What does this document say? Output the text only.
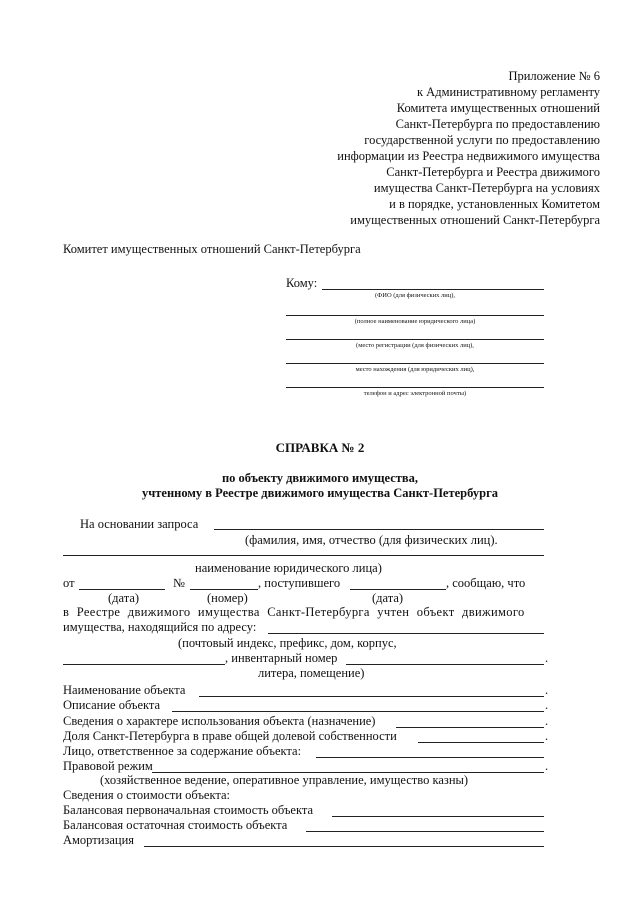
Приложение № 6
к Административному регламенту
Комитета имущественных отношений
Санкт-Петербурга по предоставлению
государственной услуги по предоставлению
информации из Реестра недвижимого имущества
Санкт-Петербурга и Реестра движимого
имущества Санкт-Петербурга на условиях
и в порядке, установленных Комитетом
имущественных отношений Санкт-Петербурга
Комитет имущественных отношений Санкт-Петербурга
Кому:
(ФИО (для физических лиц),
(полное наименование юридического лица)
(место регистрации (для физических лиц),
место нахождения (для юридических лиц),
телефон и адрес электронной почты)
СПРАВКА № 2
по объекту движимого имущества,
учтенному в Реестре движимого имущества Санкт-Петербурга
На основании запроса
(фамилия, имя, отчество (для физических лиц).
наименование юридического лица)
от	№	, поступившего	, сообщаю, что
(дата)	(номер)	(дата)
в Реестре движимого имущества Санкт-Петербурга учтен объект движимого
имущества, находящийся по адресу:
(почтовый индекс, префикс, дом, корпус,
, инвентарный номер	.
литера, помещение)
Наименование объекта	.
Описание объекта	.
Сведения о характере использования объекта (назначение)	.
Доля Санкт-Петербурга в праве общей долевой собственности	.
Лицо, ответственное за содержание объекта:
Правовой режим	.
(хозяйственное ведение, оперативное управление, имущество казны)
Сведения о стоимости объекта:
Балансовая первоначальная стоимость объекта
Балансовая остаточная стоимость объекта
Амортизация
